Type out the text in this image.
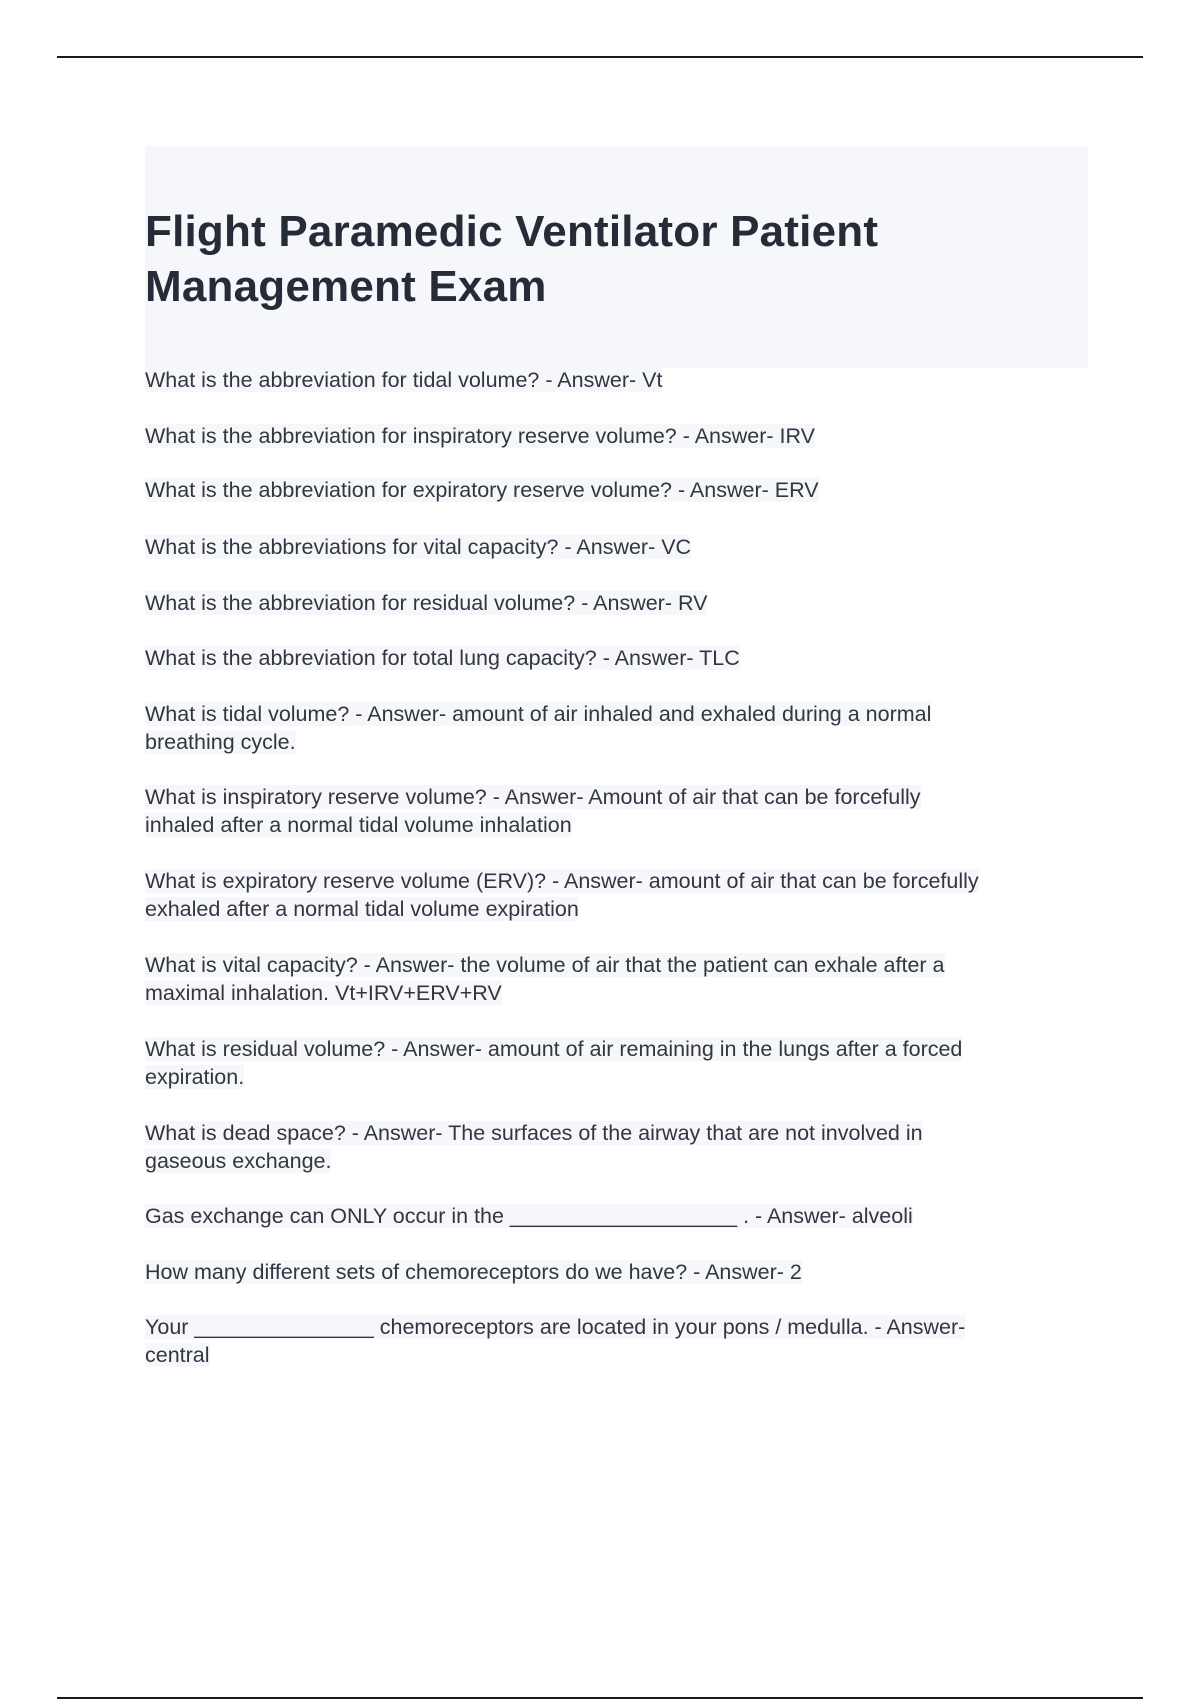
Flight Paramedic Ventilator Patient
Management Exam
What is the abbreviation for tidal volume? - Answer- Vt
What is the abbreviation for inspiratory reserve volume? - Answer- IRV
What is the abbreviation for expiratory reserve volume? - Answer- ERV
What is the abbreviations for vital capacity? - Answer- VC
What is the abbreviation for residual volume? - Answer- RV
What is the abbreviation for total lung capacity? - Answer- TLC
What is tidal volume? - Answer- amount of air inhaled and exhaled during a normal
breathing cycle.
What is inspiratory reserve volume? - Answer- Amount of air that can be forcefully
inhaled after a normal tidal volume inhalation
What is expiratory reserve volume (ERV)? - Answer- amount of air that can be forcefully
exhaled after a normal tidal volume expiration
What is vital capacity? - Answer- the volume of air that the patient can exhale after a
maximal inhalation. Vt+IRV+ERV+RV
What is residual volume? - Answer- amount of air remaining in the lungs after a forced
expiration.
What is dead space? - Answer- The surfaces of the airway that are not involved in
gaseous exchange.
Gas exchange can ONLY occur in the ___________________ . - Answer- alveoli
How many different sets of chemoreceptors do we have? - Answer- 2
Your _______________ chemoreceptors are located in your pons / medulla. - Answer-
central
